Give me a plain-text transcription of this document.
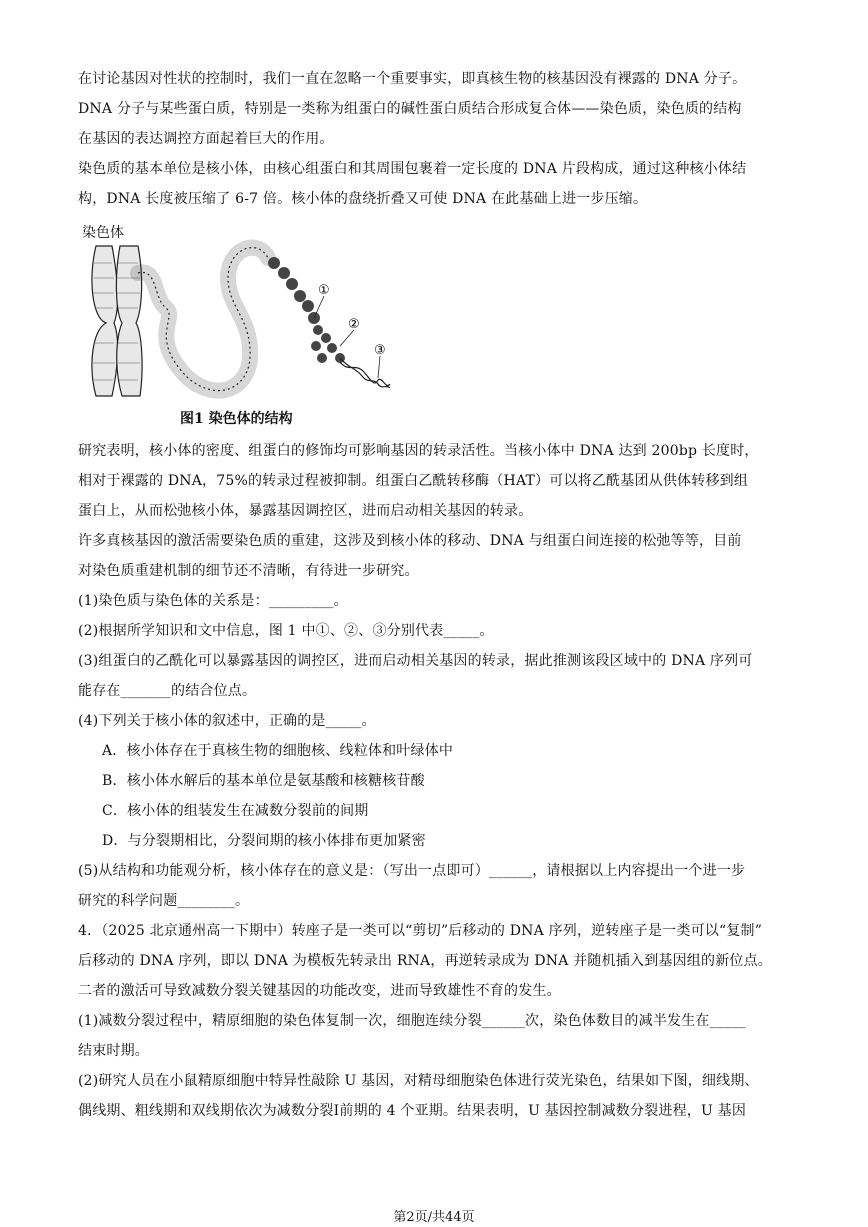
在讨论基因对性状的控制时，我们一直在忽略一个重要事实，即真核生物的核基因没有裸露的 DNA 分子。

DNA 分子与某些蛋白质，特别是一类称为组蛋白的碱性蛋白质结合形成复合体——染色质，染色质的结构

在基因的表达调控方面起着巨大的作用。

染色质的基本单位是核小体，由核心组蛋白和其周围包裹着一定长度的 DNA 片段构成，通过这种核小体结

构，DNA 长度被压缩了 6-7 倍。核小体的盘绕折叠又可使 DNA 在此基础上进一步压缩。

①
②
③
染色体
图1 染色体的结构

研究表明，核小体的密度、组蛋白的修饰均可影响基因的转录活性。当核小体中 DNA 达到 200bp 长度时，

相对于裸露的 DNA，75%的转录过程被抑制。组蛋白乙酰转移酶（HAT）可以将乙酰基团从供体转移到组

蛋白上，从而松弛核小体，暴露基因调控区，进而启动相关基因的转录。

许多真核基因的激活需要染色质的重建，这涉及到核小体的移动、DNA 与组蛋白间连接的松弛等等，目前

对染色质重建机制的细节还不清晰，有待进一步研究。

(1)染色质与染色体的关系是：_________。

(2)根据所学知识和文中信息，图 1 中①、②、③分别代表_____。

(3)组蛋白的乙酰化可以暴露基因的调控区，进而启动相关基因的转录，据此推测该段区域中的 DNA 序列可

能存在_______的结合位点。

(4)下列关于核小体的叙述中，正确的是_____。

A．核小体存在于真核生物的细胞核、线粒体和叶绿体中

B．核小体水解后的基本单位是氨基酸和核糖核苷酸

C．核小体的组装发生在减数分裂前的间期

D．与分裂期相比，分裂间期的核小体排布更加紧密

(5)从结构和功能观分析，核小体存在的意义是：（写出一点即可）______，请根据以上内容提出一个进一步

研究的科学问题________。

4．（2025 北京通州高一下期中）转座子是一类可以“剪切”后移动的 DNA 序列，逆转座子是一类可以“复制”

后移动的 DNA 序列，即以 DNA 为模板先转录出 RNA，再逆转录成为 DNA 并随机插入到基因组的新位点。

二者的激活可导致减数分裂关键基因的功能改变，进而导致雄性不育的发生。

(1)减数分裂过程中，精原细胞的染色体复制一次，细胞连续分裂______次，染色体数目的减半发生在_____

结束时期。

(2)研究人员在小鼠精原细胞中特异性敲除 U 基因，对精母细胞染色体进行荧光染色，结果如下图，细线期、

偶线期、粗线期和双线期依次为减数分裂Ⅰ前期的 4 个亚期。结果表明，U 基因控制减数分裂进程，U 基因

第2页/共44页
